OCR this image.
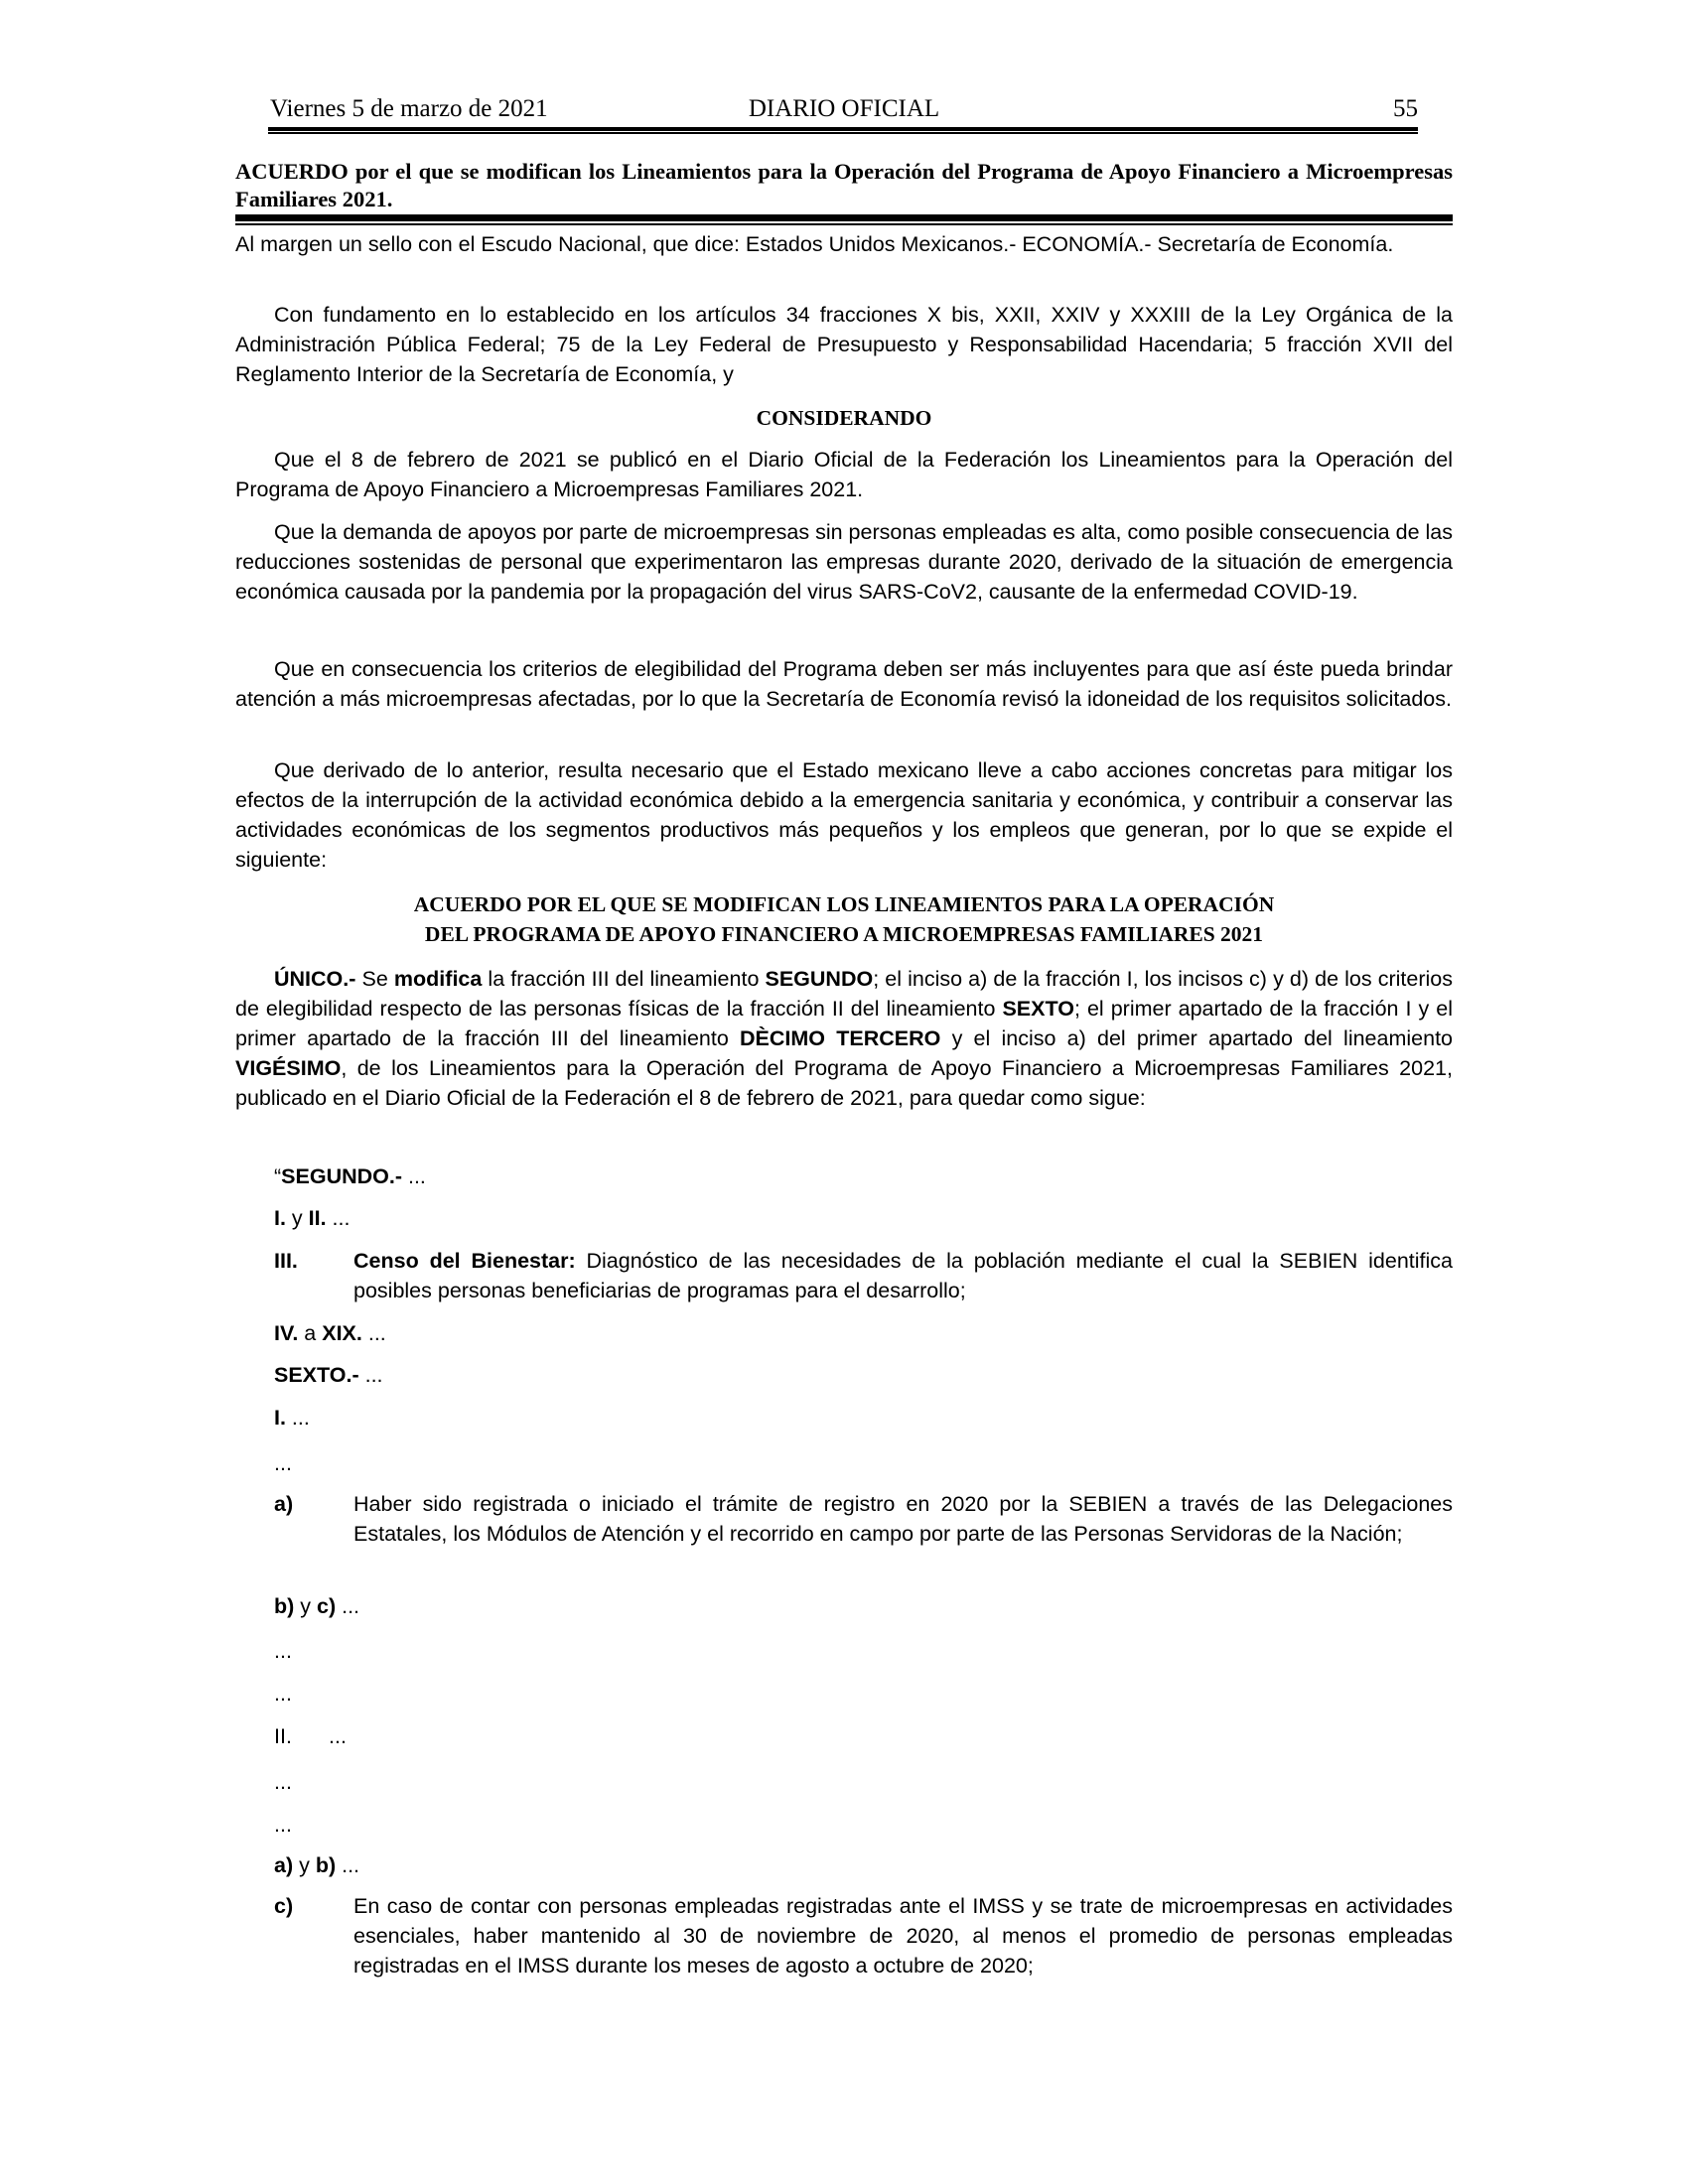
Viernes 5 de marzo de 2021	DIARIO OFICIAL	55
ACUERDO por el que se modifican los Lineamientos para la Operación del Programa de Apoyo Financiero a Microempresas Familiares 2021.
Al margen un sello con el Escudo Nacional, que dice: Estados Unidos Mexicanos.- ECONOMÍA.- Secretaría de Economía.
Con fundamento en lo establecido en los artículos 34 fracciones X bis, XXII, XXIV y XXXIII de la Ley Orgánica de la Administración Pública Federal; 75 de la Ley Federal de Presupuesto y Responsabilidad Hacendaria; 5 fracción XVII del Reglamento Interior de la Secretaría de Economía, y
CONSIDERANDO
Que el 8 de febrero de 2021 se publicó en el Diario Oficial de la Federación los Lineamientos para la Operación del Programa de Apoyo Financiero a Microempresas Familiares 2021.
Que la demanda de apoyos por parte de microempresas sin personas empleadas es alta, como posible consecuencia de las reducciones sostenidas de personal que experimentaron las empresas durante 2020, derivado de la situación de emergencia económica causada por la pandemia por la propagación del virus SARS-CoV2, causante de la enfermedad COVID-19.
Que en consecuencia los criterios de elegibilidad del Programa deben ser más incluyentes para que así éste pueda brindar atención a más microempresas afectadas, por lo que la Secretaría de Economía revisó la idoneidad de los requisitos solicitados.
Que derivado de lo anterior, resulta necesario que el Estado mexicano lleve a cabo acciones concretas para mitigar los efectos de la interrupción de la actividad económica debido a la emergencia sanitaria y económica, y contribuir a conservar las actividades económicas de los segmentos productivos más pequeños y los empleos que generan, por lo que se expide el siguiente:
ACUERDO POR EL QUE SE MODIFICAN LOS LINEAMIENTOS PARA LA OPERACIÓN
DEL PROGRAMA DE APOYO FINANCIERO A MICROEMPRESAS FAMILIARES 2021
ÚNICO.- Se modifica la fracción III del lineamiento SEGUNDO; el inciso a) de la fracción I, los incisos c) y d) de los criterios de elegibilidad respecto de las personas físicas de la fracción II del lineamiento SEXTO; el primer apartado de la fracción I y el primer apartado de la fracción III del lineamiento DÈCIMO TERCERO y el inciso a) del primer apartado del lineamiento VIGÉSIMO, de los Lineamientos para la Operación del Programa de Apoyo Financiero a Microempresas Familiares 2021, publicado en el Diario Oficial de la Federación el 8 de febrero de 2021, para quedar como sigue:
“SEGUNDO.- ...
I. y II. ...
III.	Censo del Bienestar: Diagnóstico de las necesidades de la población mediante el cual la SEBIEN identifica posibles personas beneficiarias de programas para el desarrollo;
IV. a XIX. ...
SEXTO.- ...
I. ...
...
a)	Haber sido registrada o iniciado el trámite de registro en 2020 por la SEBIEN a través de las Delegaciones Estatales, los Módulos de Atención y el recorrido en campo por parte de las Personas Servidoras de la Nación;
b) y c) ...
...
...
II. ...
...
...
a) y b) ...
c)	En caso de contar con personas empleadas registradas ante el IMSS y se trate de microempresas en actividades esenciales, haber mantenido al 30 de noviembre de 2020, al menos el promedio de personas empleadas registradas en el IMSS durante los meses de agosto a octubre de 2020;
